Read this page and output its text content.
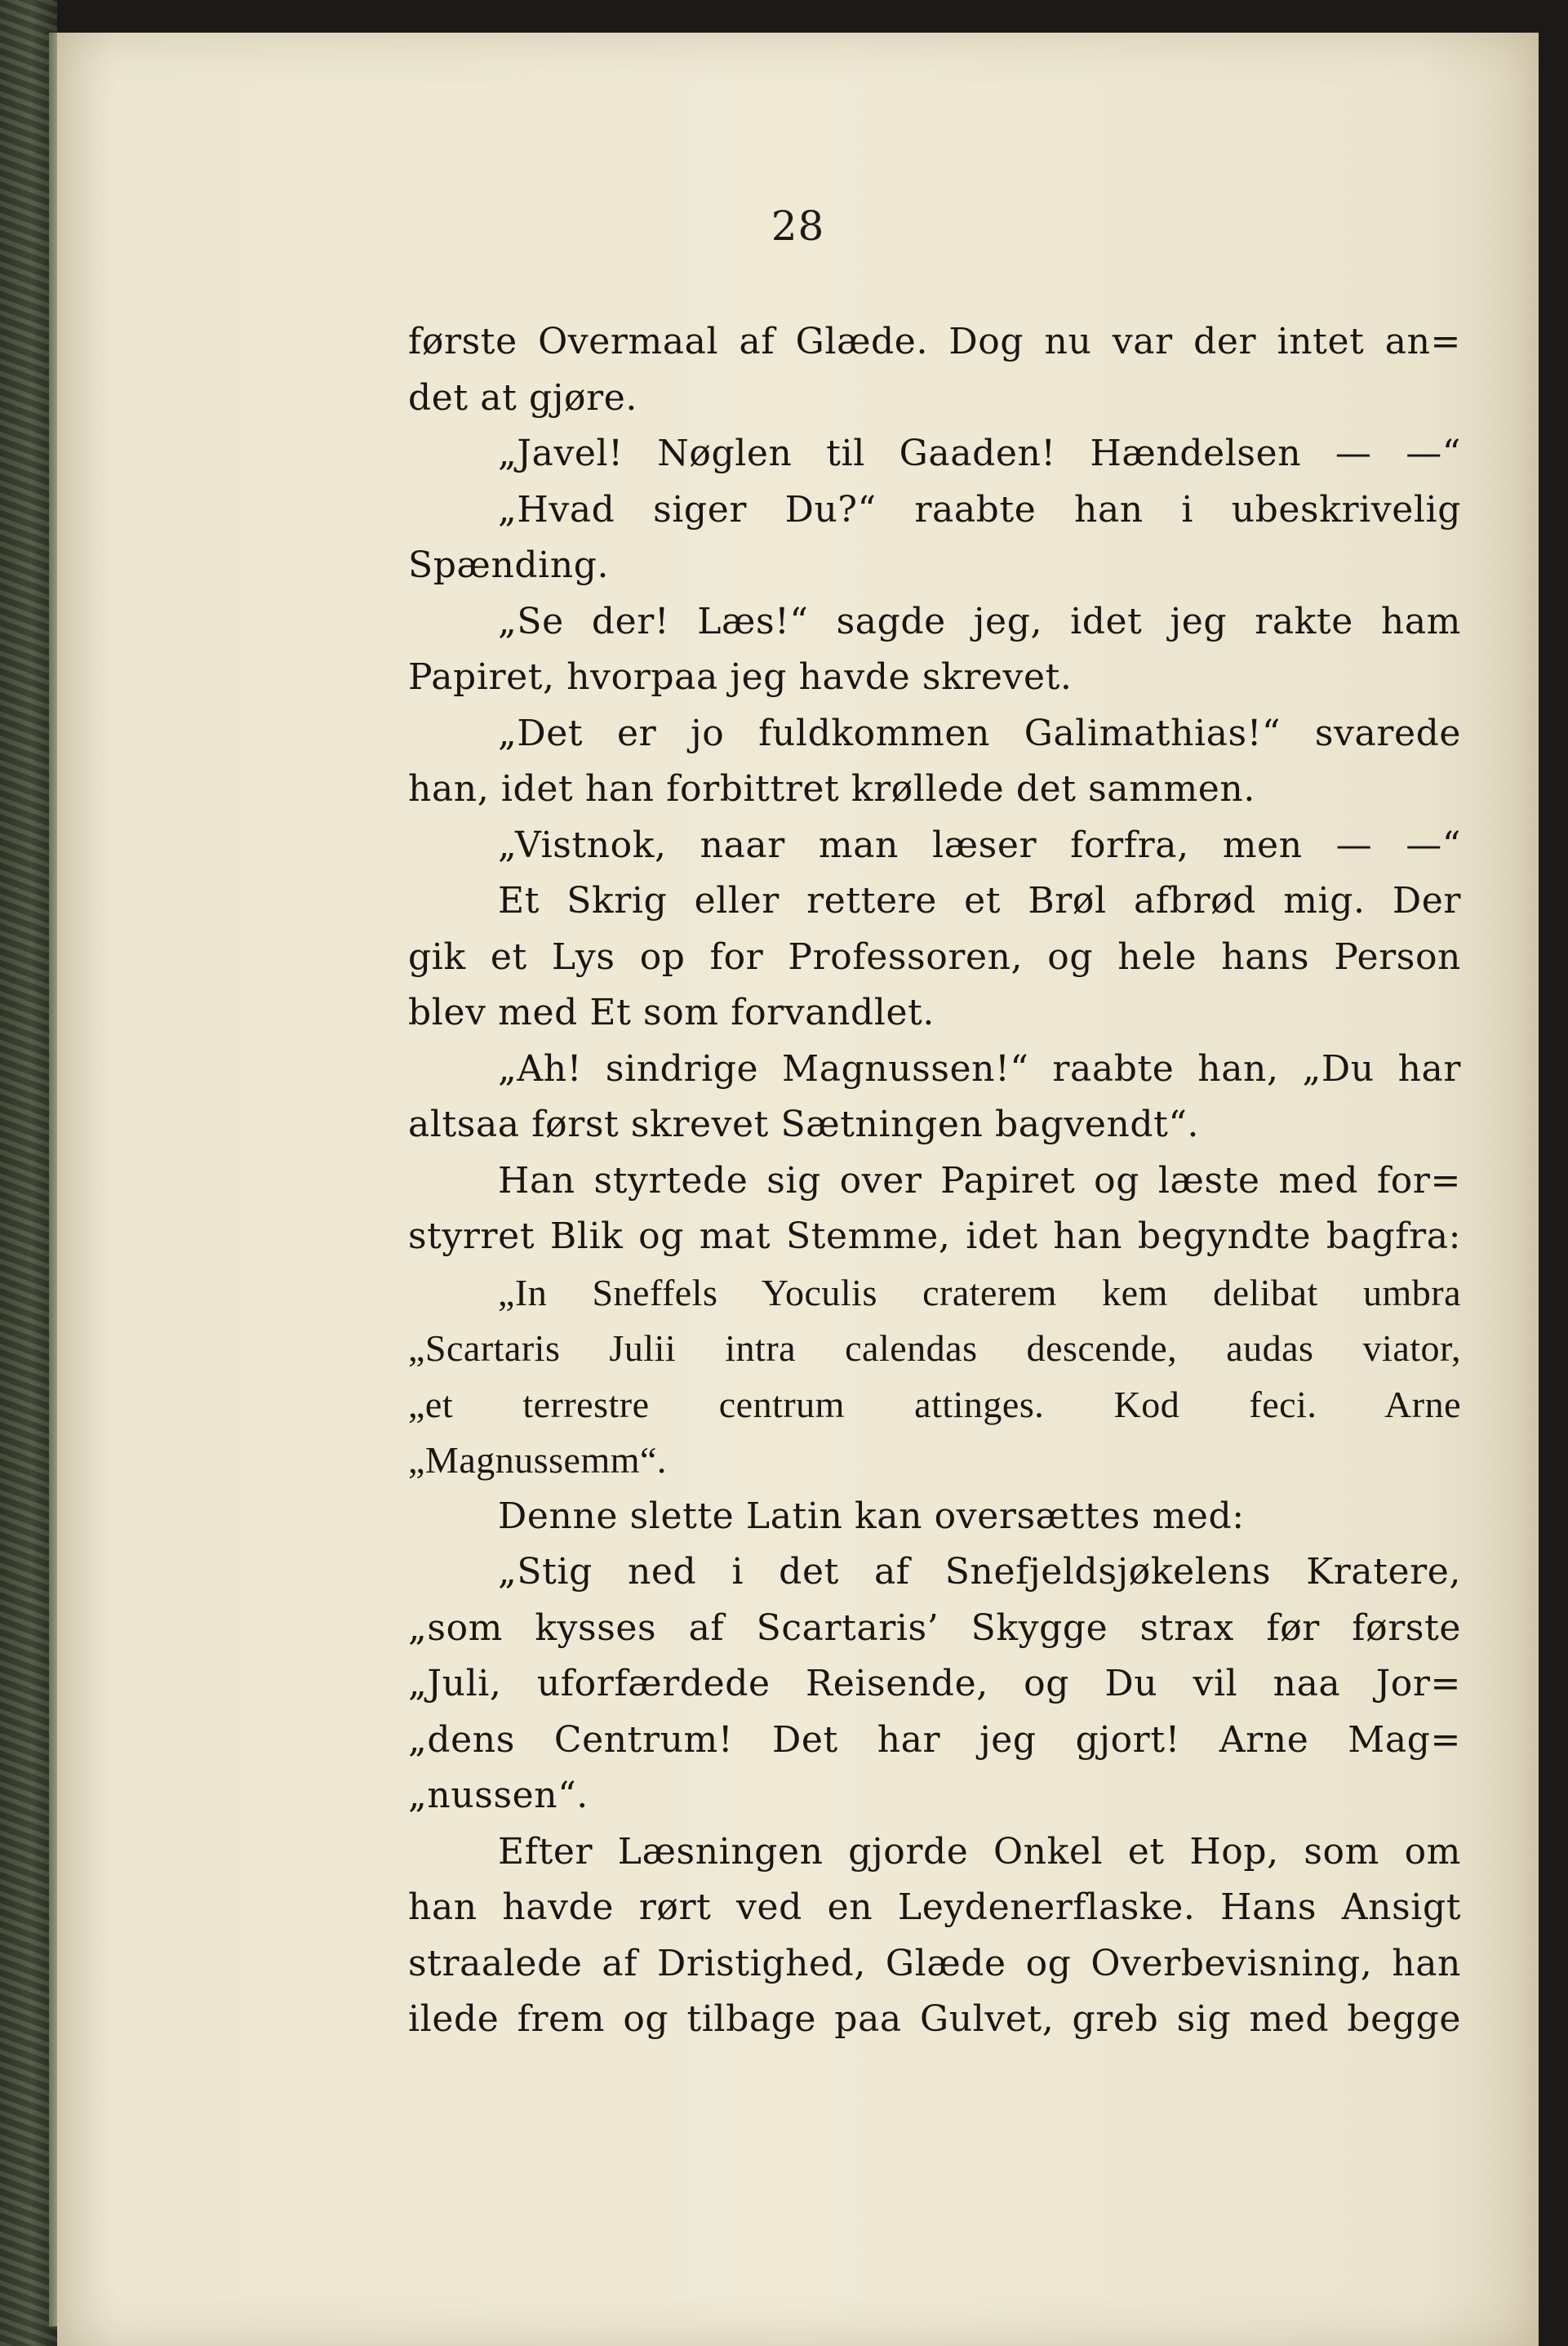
28
første Overmaal af Glæde. Dog nu var der intet an=
det at gjøre.
„Javel! Nøglen til Gaaden! Hændelsen — —“
„Hvad siger Du?“ raabte han i ubeskrivelig
Spænding.
„Se der! Læs!“ sagde jeg, idet jeg rakte ham
Papiret, hvorpaa jeg havde skrevet.
„Det er jo fuldkommen Galimathias!“ svarede
han, idet han forbittret krøllede det sammen.
„Vistnok, naar man læser forfra, men — —“
Et Skrig eller rettere et Brøl afbrød mig. Der
gik et Lys op for Professoren, og hele hans Person
blev med Et som forvandlet.
„Ah! sindrige Magnussen!“ raabte han, „Du har
altsaa først skrevet Sætningen bagvendt“.
Han styrtede sig over Papiret og læste med for=
styrret Blik og mat Stemme, idet han begyndte bagfra:
„In Sneffels Yoculis craterem kem delibat umbra
„Scartaris Julii intra calendas descende, audas viator,
„et terrestre centrum attinges. Kod feci. Arne
„Magnussemm“.
Denne slette Latin kan oversættes med:
„Stig ned i det af Snefjeldsjøkelens Kratere,
„som kysses af Scartaris’ Skygge strax før første
„Juli, uforfærdede Reisende, og Du vil naa Jor=
„dens Centrum! Det har jeg gjort! Arne Mag=
„nussen“.
Efter Læsningen gjorde Onkel et Hop, som om
han havde rørt ved en Leydenerflaske. Hans Ansigt
straalede af Dristighed, Glæde og Overbevisning, han
ilede frem og tilbage paa Gulvet, greb sig med begge
